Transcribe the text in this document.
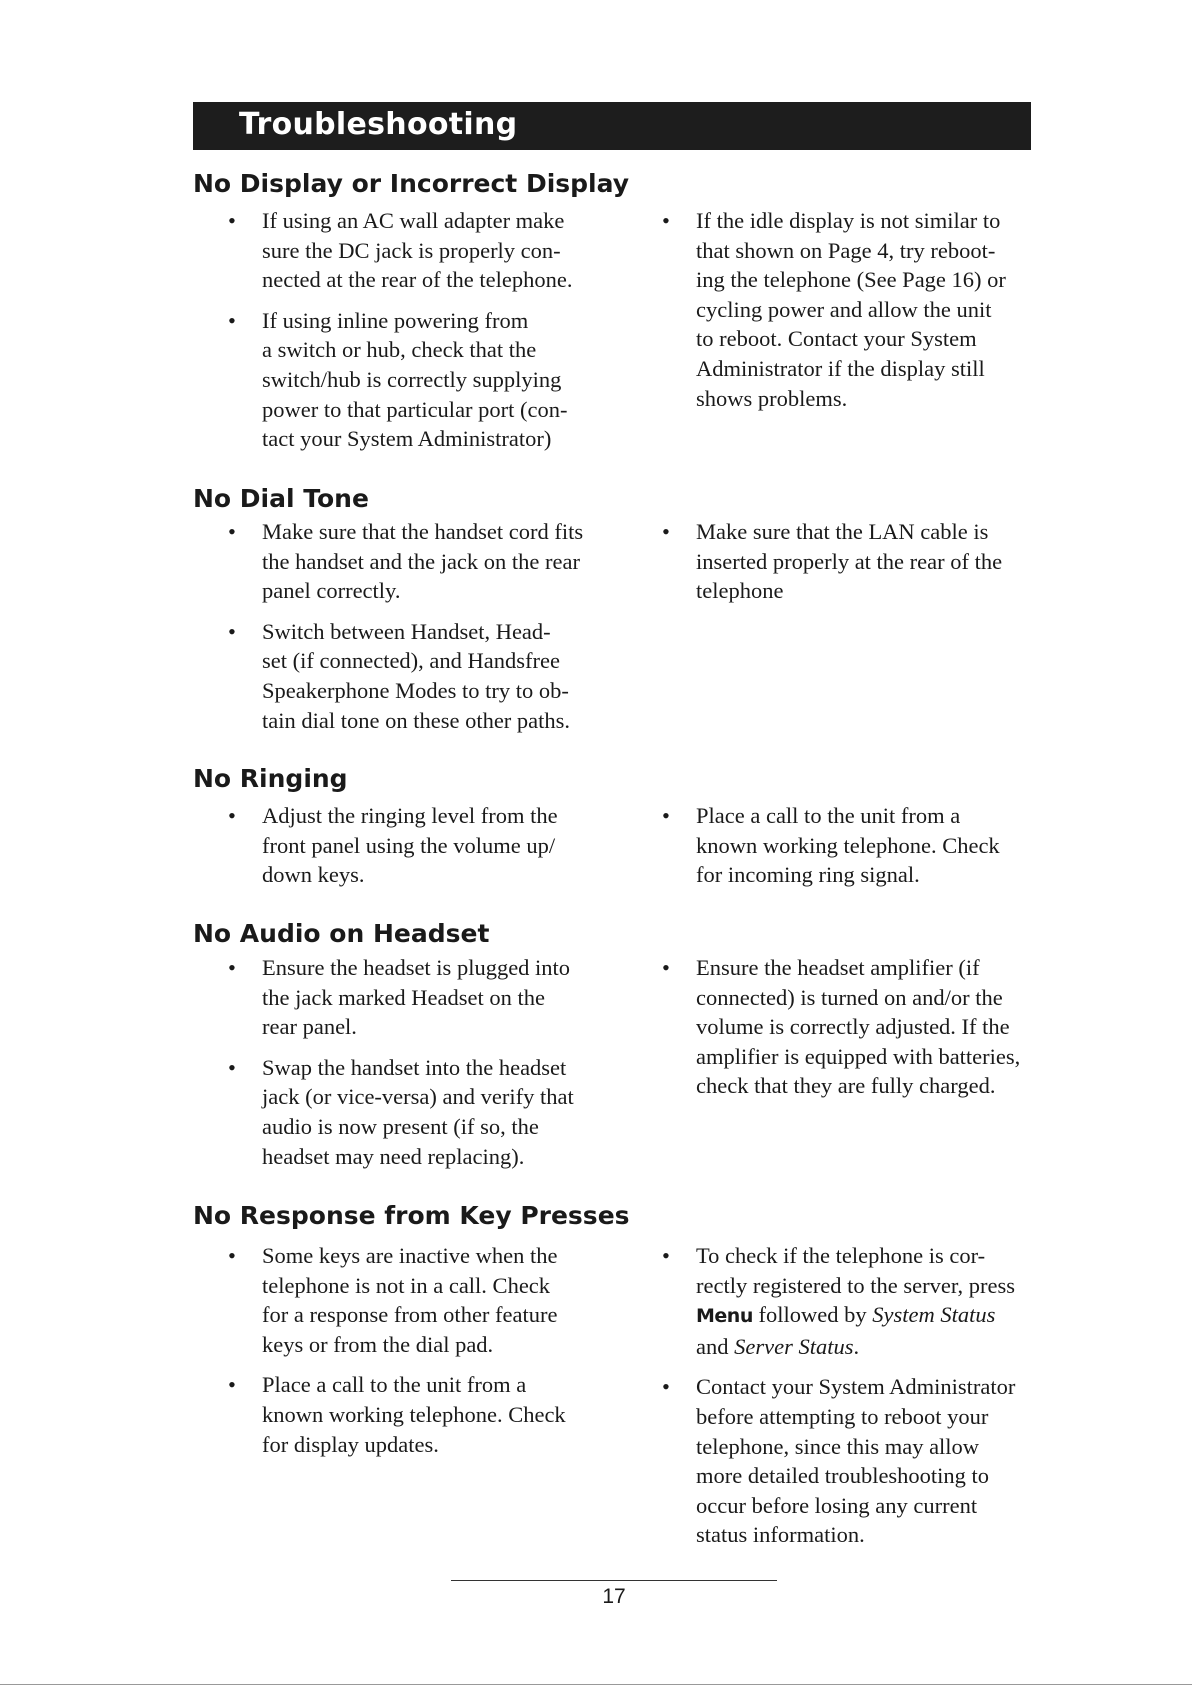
Troubleshooting
No Display or Incorrect Display
• If using an AC wall adapter make
sure the DC jack is properly con-
nected at the rear of the telephone.
• If using inline powering from
a switch or hub, check that the
switch/hub is correctly supplying
power to that particular port (con-
tact your System Administrator)
• If the idle display is not similar to
that shown on Page 4, try reboot-
ing the telephone (See Page 16) or
cycling power and allow the unit
to reboot. Contact your System
Administrator if the display still
shows problems.
No Dial Tone
• Make sure that the handset cord fits
the handset and the jack on the rear
panel correctly.
• Switch between Handset, Head-
set (if connected), and Handsfree
Speakerphone Modes to try to ob-
tain dial tone on these other paths.
• Make sure that the LAN cable is
inserted properly at the rear of the
telephone
No Ringing
• Adjust the ringing level from the
front panel using the volume up/
down keys.
• Place a call to the unit from a
known working telephone. Check
for incoming ring signal.
No Audio on Headset
• Ensure the headset is plugged into
the jack marked Headset on the
rear panel.
• Swap the handset into the headset
jack (or vice-versa) and verify that
audio is now present (if so, the
headset may need replacing).
• Ensure the headset amplifier (if
connected) is turned on and/or the
volume is correctly adjusted. If the
amplifier is equipped with batteries,
check that they are fully charged.
No Response from Key Presses
• Some keys are inactive when the
telephone is not in a call. Check
for a response from other feature
keys or from the dial pad.
• Place a call to the unit from a
known working telephone. Check
for display updates.
• To check if the telephone is cor-
rectly registered to the server, press
Menu followed by System Status
and Server Status.
• Contact your System Administrator
before attempting to reboot your
telephone, since this may allow
more detailed troubleshooting to
occur before losing any current
status information.
17
